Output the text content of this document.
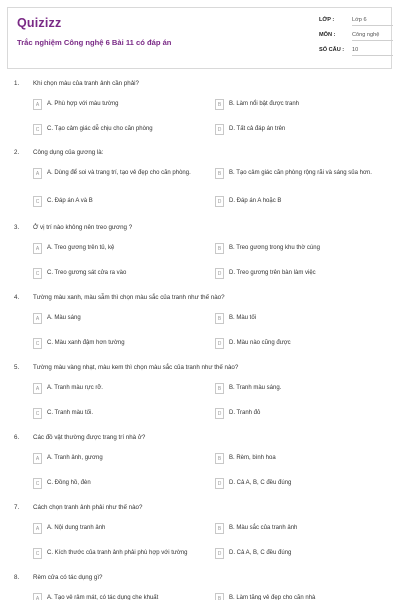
Quizizz
Trắc nghiệm Công nghệ 6 Bài 11 có đáp án
LỚP :	Lớp 6
MÔN :	Công nghệ
SỐ CÂU : 10
1. Khi chọn màu của tranh ảnh cần phải?
A	A. Phù hợp với màu tường	B	B. Làm nổi bật được tranh
C	C. Tạo cảm giác dễ chịu cho căn phòng	D	D. Tất cả đáp án trên
2. Công dụng của gương là:
A	A. Dùng để soi và trang trí, tạo vẻ đẹp cho căn phòng.	B	B. Tạo cảm giác căn phòng rộng rãi và sáng sủa hơn.
C	C. Đáp án A và B	D	D. Đáp án A hoặc B
3. Ở vị trí nào không nên treo gương ?
A	A. Treo gương trên tủ, kệ	B	B. Treo gương trong khu thờ cúng
C	C. Treo gương sát cửa ra vào	D	D. Treo gương trên bàn làm việc
4. Tường màu xanh, màu sẫm thì chọn màu sắc của tranh như thế nào?
A	A. Màu sáng	B	B. Màu tối
C	C. Màu xanh đậm hơn tường	D	D. Màu nào cũng được
5. Tường màu vàng nhạt, màu kem thì chọn màu sắc của tranh như thế nào?
A	A. Tranh màu rực rỡ.	B	B. Tranh màu sáng.
C	C. Tranh màu tối.	D	D. Tranh đỏ
6. Các đồ vật thường được trang trí nhà ở?
A	A. Tranh ảnh, gương	B	B. Rèm, bình hoa
C	C. Đồng hồ, đèn	D	D. Cả A, B, C đều đúng
7. Cách chọn tranh ảnh phải như thế nào?
A	A. Nội dung tranh ảnh	B	B. Màu sắc của tranh ảnh
C	C. Kích thước của tranh ảnh phải phù hợp với tường	D	D. Cả A, B, C đều đúng
8. Rèm cửa có tác dụng gì?
A	A. Tạo vẻ râm mát, có tác dụng che khuất	B	B. Làm tăng vẻ đẹp cho căn nhà
